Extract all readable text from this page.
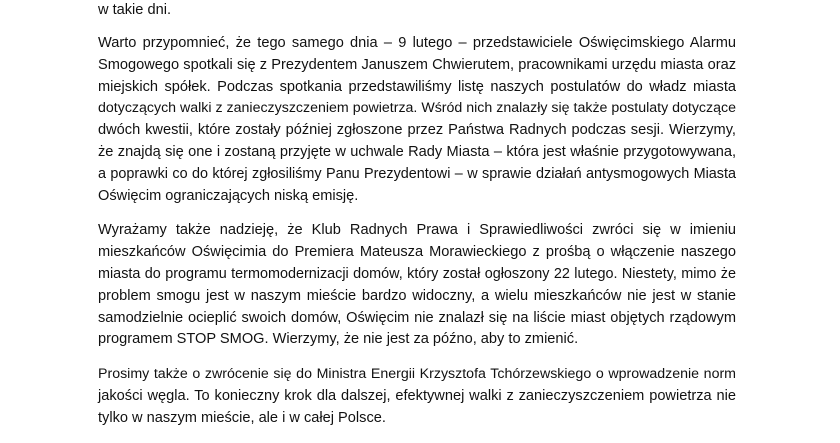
w takie dni.

Warto przypomnieć, że tego samego dnia – 9 lutego – przedstawiciele Oświęcimskiego Alarmu
Smogowego spotkali się z Prezydentem Januszem Chwierutem, pracownikami urzędu miasta oraz
miejskich spółek. Podczas spotkania przedstawiliśmy listę naszych postulatów do władz miasta
dotyczących walki z zanieczyszczeniem powietrza. Wśród nich znalazły się także postulaty dotyczące
dwóch kwestii, które zostały później zgłoszone przez Państwa Radnych podczas sesji. Wierzymy,
że znajdą się one i zostaną przyjęte w uchwale Rady Miasta – która jest właśnie przygotowywana,
a poprawki co do której zgłosiliśmy Panu Prezydentowi – w sprawie działań antysmogowych Miasta
Oświęcim ograniczających niską emisję.

Wyrażamy także nadzieję, że Klub Radnych Prawa i Sprawiedliwości zwróci się w imieniu
mieszkańców Oświęcimia do Premiera Mateusza Morawieckiego z prośbą o włączenie naszego
miasta do programu termomodernizacji domów, który został ogłoszony 22 lutego. Niestety, mimo że
problem smogu jest w naszym mieście bardzo widoczny, a wielu mieszkańców nie jest w stanie
samodzielnie ocieplić swoich domów, Oświęcim nie znalazł się na liście miast objętych rządowym
programem STOP SMOG. Wierzymy, że nie jest za późno, aby to zmienić.

Prosimy także o zwrócenie się do Ministra Energii Krzysztofa Tchórzewskiego o wprowadzenie norm
jakości węgla. To konieczny krok dla dalszej, efektywnej walki z zanieczyszczeniem powietrza nie
tylko w naszym mieście, ale i w całej Polsce.
